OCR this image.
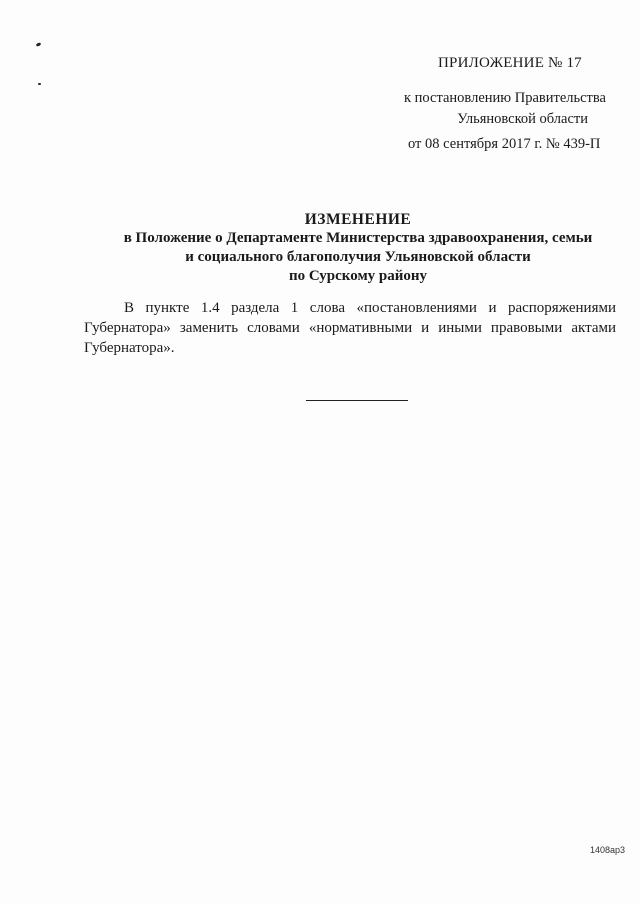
ПРИЛОЖЕНИЕ № 17
к постановлению Правительства
Ульяновской области
от 08 сентября 2017 г. № 439-П
ИЗМЕНЕНИЕ
в Положение о Департаменте Министерства здравоохранения, семьи
и социального благополучия Ульяновской области
по Сурскому району
В пункте 1.4 раздела 1 слова «постановлениями и распоряжениями Губернатора» заменить словами «нормативными и иными правовыми актами Губернатора».
1408ар3
